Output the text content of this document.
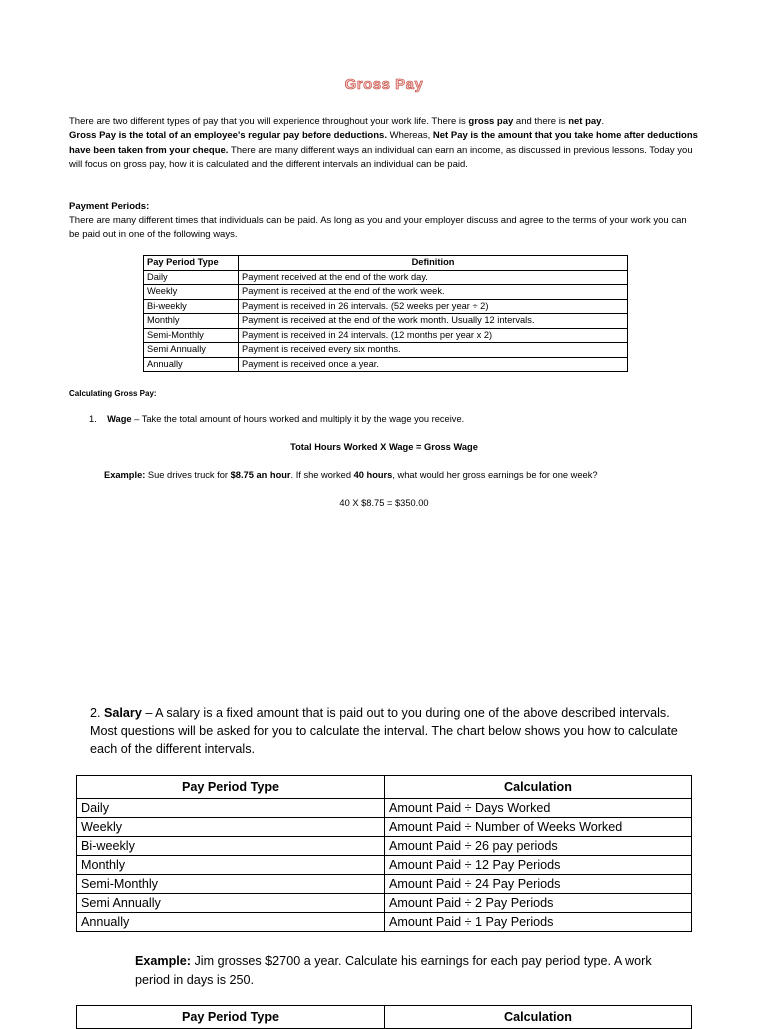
Gross Pay
There are two different types of pay that you will experience throughout your work life. There is gross pay and there is net pay.
Gross Pay is the total of an employee's regular pay before deductions. Whereas, Net Pay is the amount that you take home after deductions have been taken from your cheque. There are many different ways an individual can earn an income, as discussed in previous lessons. Today you will focus on gross pay, how it is calculated and the different intervals an individual can be paid.
Payment Periods:
There are many different times that individuals can be paid. As long as you and your employer discuss and agree to the terms of your work you can be paid out in one of the following ways.
Pay Period Type	Definition
Daily	Payment received at the end of the work day.
Weekly	Payment is received at the end of the work week.
Bi-weekly	Payment is received in 26 intervals. (52 weeks per year ÷ 2)
Monthly	Payment is received at the end of the work month. Usually 12 intervals.
Semi-Monthly	Payment is received in 24 intervals. (12 months per year x 2)
Semi Annually	Payment is received every six months.
Annually	Payment is received once a year.
Calculating Gross Pay:
1. Wage – Take the total amount of hours worked and multiply it by the wage you receive.
Total Hours Worked X Wage = Gross Wage
Example: Sue drives truck for $8.75 an hour. If she worked 40 hours, what would her gross earnings be for one week?
40 X $8.75 = $350.00
2. Salary – A salary is a fixed amount that is paid out to you during one of the above described intervals. Most questions will be asked for you to calculate the interval. The chart below shows you how to calculate each of the different intervals.
Pay Period Type	Calculation
Daily	Amount Paid ÷ Days Worked
Weekly	Amount Paid ÷ Number of Weeks Worked
Bi-weekly	Amount Paid ÷ 26 pay periods
Monthly	Amount Paid ÷ 12 Pay Periods
Semi-Monthly	Amount Paid ÷ 24 Pay Periods
Semi Annually	Amount Paid ÷ 2 Pay Periods
Annually	Amount Paid ÷ 1 Pay Periods
Example: Jim grosses $2700 a year. Calculate his earnings for each pay period type. A work period in days is 250.
Pay Period Type	Calculation
